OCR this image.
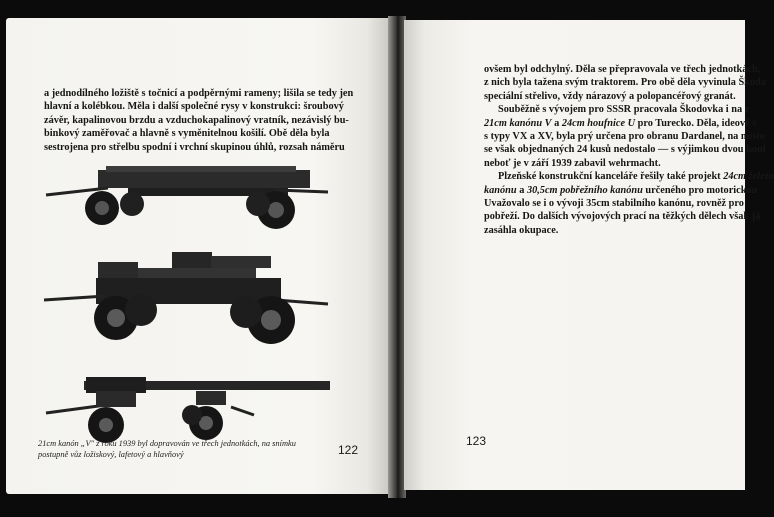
a jednodílného ložiště s točnicí a podpěrnými rameny; lišila se tedy jen
hlavní a kolébkou. Měla i další společné rysy v konstrukci: šroubový
závěr, kapalinovou brzdu a vzduchokapalinový vratník, nezávislý bu-
binkový zaměřovač a hlavně s vyměnitelnou košilí. Obě děla byla
sestrojena pro střelbu spodní i vrchní skupinou úhlů, rozsah náměru
21cm kanón „V" z roku 1939 byl dopravován ve třech jednotkách, na snímku
postupně vůz ložiskový, lafetový a hlavňový	122
ovšem byl odchylný. Děla se přepravovala ve třech jednotkách,
z nich byla tažena svým traktorem. Pro obě děla vyvinula Škoda
speciální střelivo, vždy nárazový a polopancéřový granát.
Souběžně s vývojem pro SSSR pracovala Škodovka i na z
21cm kanónu V a 24cm houfnice U pro Turecko. Děla, ideově s
s typy VX a XV, byla prý určena pro obranu Dardanel, na místo
se však objednaných 24 kusů nedostalo — s výjimkou dvou houf
neboť je v září 1939 zabavil wehrmacht.
Plzeňské konstrukční kanceláře řešily také projekt 24cm železn
kanónu a 30,5cm pobřežního kanónu určeného pro motorickou
Uvažovalo se i o vývoji 35cm stabilního kanónu, rovněž pro
pobřeží. Do dalších vývojových prací na těžkých dělech však já
zasáhla okupace.
123
